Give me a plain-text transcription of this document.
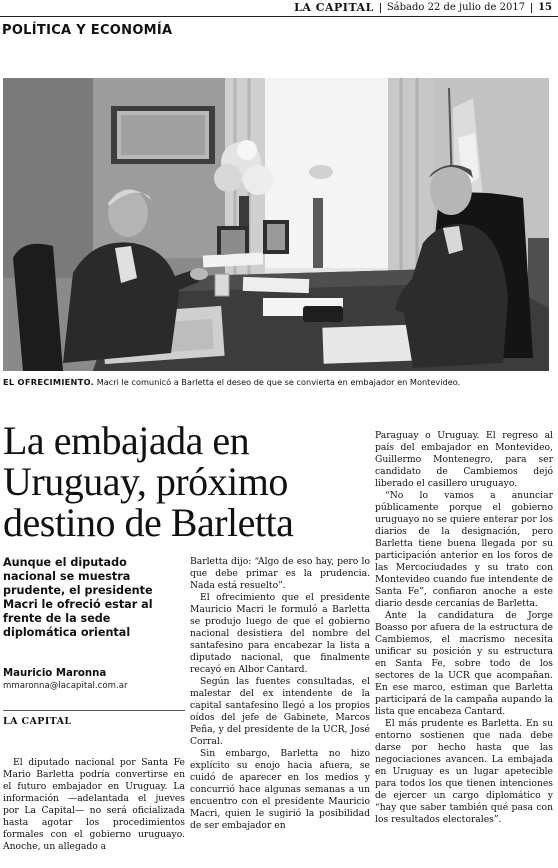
LA CAPITAL Sábado 22 de julio de 2017 15
POLÍTICA Y ECONOMÍA
EL OFRECIMIENTO. Macri le comunicó a Barletta el deseo de que se convierta en embajador en Montevideo.
La embajada en
Uruguay, próximo
destino de Barletta
Aunque el diputado nacional se muestra prudente, el presidente Macri le ofreció estar al frente de la sede diplomática oriental
Mauricio Maronna
mmaronna@lacapital.com.ar
LA CAPITAL

El diputado nacional por Santa Fe Mario Barletta podría convertirse en el futuro embajador en Uruguay. La información —adelantada el jueves por La Capital— no será oficializada hasta agotar los procedimientos formales con el gobierno uruguayo. Anoche, un allegado a

Barletta dijo: “Algo de eso hay, pero lo que debe primar es la prudencia. Nada está resuelto”.

El ofrecimiento que el presidente Mauricio Macri le formuló a Barletta se produjo luego de que el gobierno nacional desistiera del nombre del santafesino para encabezar la lista a diputado nacional, que finalmente recayó en Albor Cantard.

Según las fuentes consultadas, el malestar del ex intendente de la capital santafesino llegó a los propios oídos del jefe de Gabinete, Marcos Peña, y del presidente de la UCR, José Corral.

Sin embargo, Barletta no hizo explícito su enojo hacia afuera, se cuidó de aparecer en los medios y concurrió hace algunas semanas a un encuentro con el presidente Mauricio Macri, quien le sugirió la posibilidad de ser embajador en

Paraguay o Uruguay. El regreso al país del embajador en Montevideo, Guillermo Montenegro, para ser candidato de Cambiemos dejó liberado el casillero uruguayo.

“No lo vamos a anunciar públicamente porque el gobierno uruguayo no se quiere enterar por los diarios de la designación, pero Barletta tiene buena llegada por su participación anterior en los foros de las Mercociudades y su trato con Montevideo cuando fue intendente de Santa Fe”, confiaron anoche a este diario desde cercanías de Barletta.

Ante la candidatura de Jorge Boasso por afuera de la estructura de Cambiemos, el macrismo necesita unificar su posición y su estructura en Santa Fe, sobre todo de los sectores de la UCR que acompañan. En ese marco, estiman que Barletta participará de la campaña aupando la lista que encabeza Cantard.

El más prudente es Barletta. En su entorno sostienen que nada debe darse por hecho hasta que las negociaciones avancen. La embajada en Uruguay es un lugar apetecible para todos los que tienen intenciones de ejercer un cargo diplomático y “hay que saber también qué pasa con los resultados electorales”.
